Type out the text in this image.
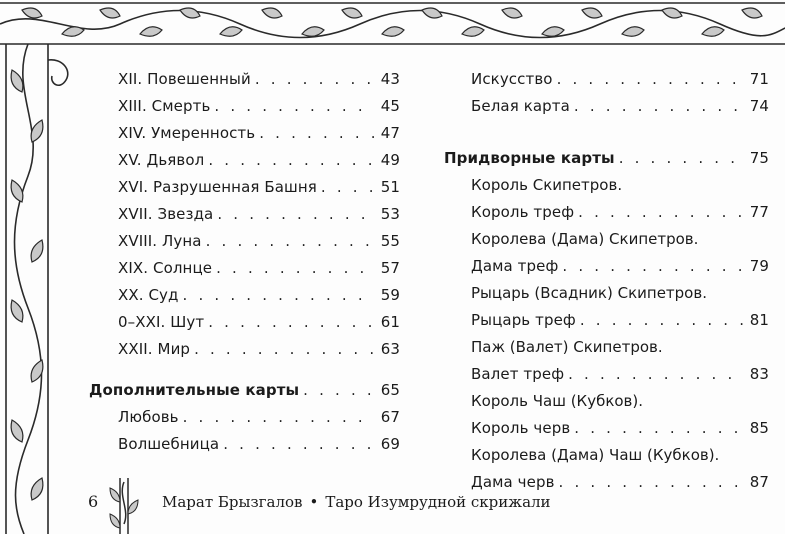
XII. Повешенный . . .	43
XIII. Смерть . . .	45
XIV. Умеренность . . .	47
XV. Дьявол . . .	49
XVI. Разрушенная Башня . . .	51
XVII. Звезда . . .	53
XVIII. Луна . . .	55
XIX. Солнце . . .	57
XX. Суд . . .	59
0–XXI. Шут . . .	61
XXII. Мир . . .	63
Дополнительные карты . . .	65
Любовь . . .	67
Волшебница . . .	69
Искусство . . .	71
Белая карта . . .	74
Придворные карты . . .	75
Король Скипетров.
Король треф . . .	77
Королева (Дама) Скипетров.
Дама треф . . .	79
Рыцарь (Всадник) Скипетров.
Рыцарь треф . . .	81
Паж (Валет) Скипетров.
Валет треф . . .	83
Король Чаш (Кубков).
Король черв . . .	85
Королева (Дама) Чаш (Кубков).
Дама черв . . .	87
6	Марат Брызгалов • Таро Изумрудной скрижали
